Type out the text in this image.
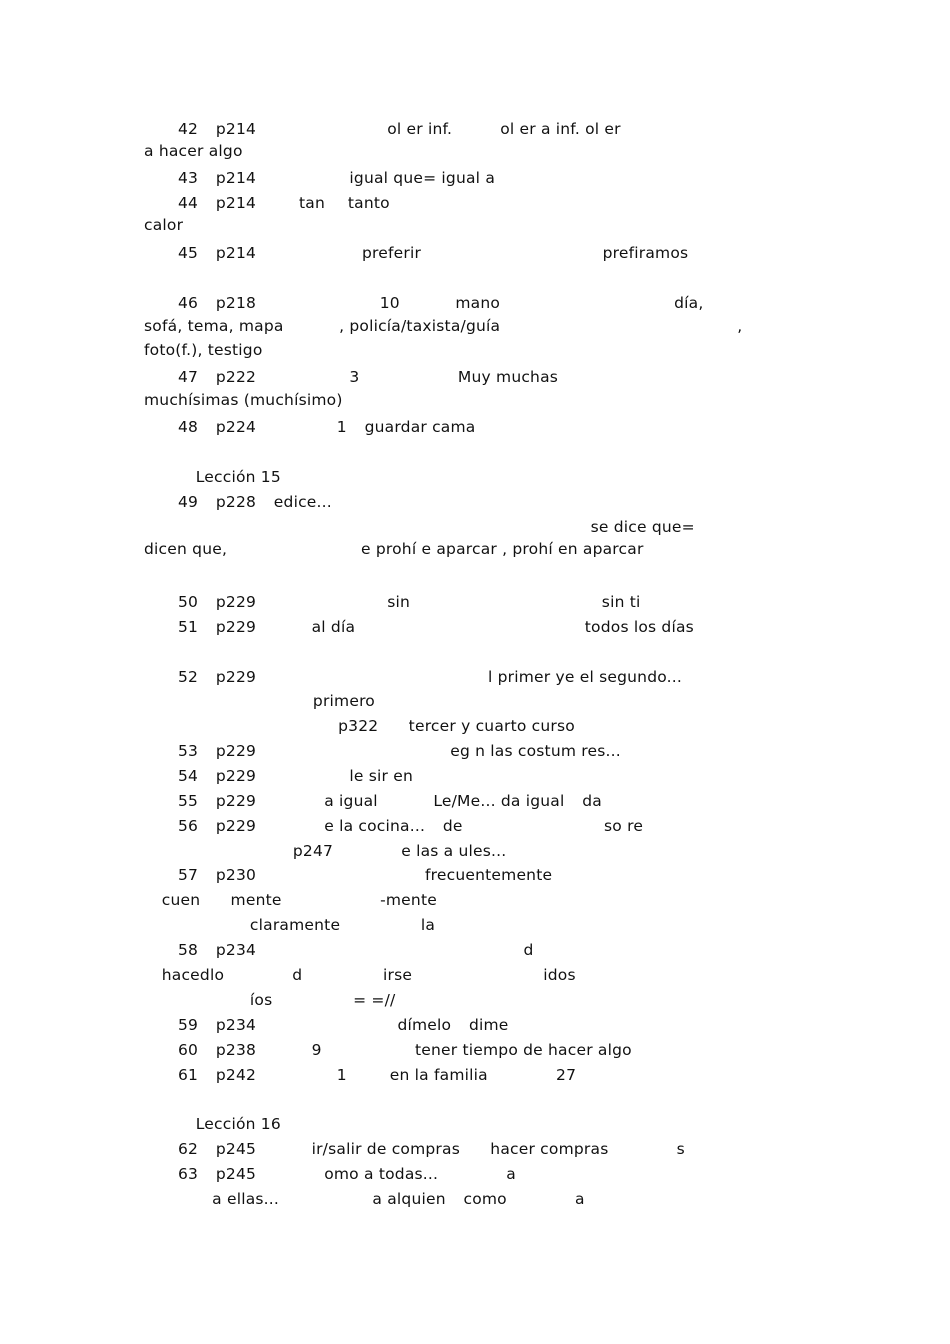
42 p214 ol er inf.  ol er a inf. ol er
a hacer algo 
43 p214 igual que= igual a
44 p214 tan  tanto
calor
45 p214 preferir prefiramos

46 p218  10 mano  día,
sofá, tema, mapa , policía/taxista/guía  ,
foto(f.), testigo 
47 p222 3  Muy muchas
muchísimas (muchísimo)
48 p224 1 guardar cama  
 Lección 15
49 p228 edice... 
      se dice que=
dicen que,    e prohí e aparcar , prohí en aparcar
 
50 p229 sin   sin ti
51 p229 al día   todos los días

52 p229 l primer ye el segundo...
 primero
 p322 tercer y cuarto curso
53 p229 eg n las costum res...
54 p229 le sir en  
55 p229 a igual Le/Me... da igual da
56 p229 e la cocina... de   so re
  p247 e las a ules...
57 p230 frecuentemente
 cuen mente  -mente  
 claramente la
58 p234   d  
 hacedlo d irse idos
 íos = =//
59 p234   dímelo dime  
60 p238 9 tener tiempo de hacer algo
61 p242 1 en la familia 27
 Lección 16
62 p245 ir/salir de compras hacer compras s
63 p245 omo a todas... a
 a ellas... a alquien como a
